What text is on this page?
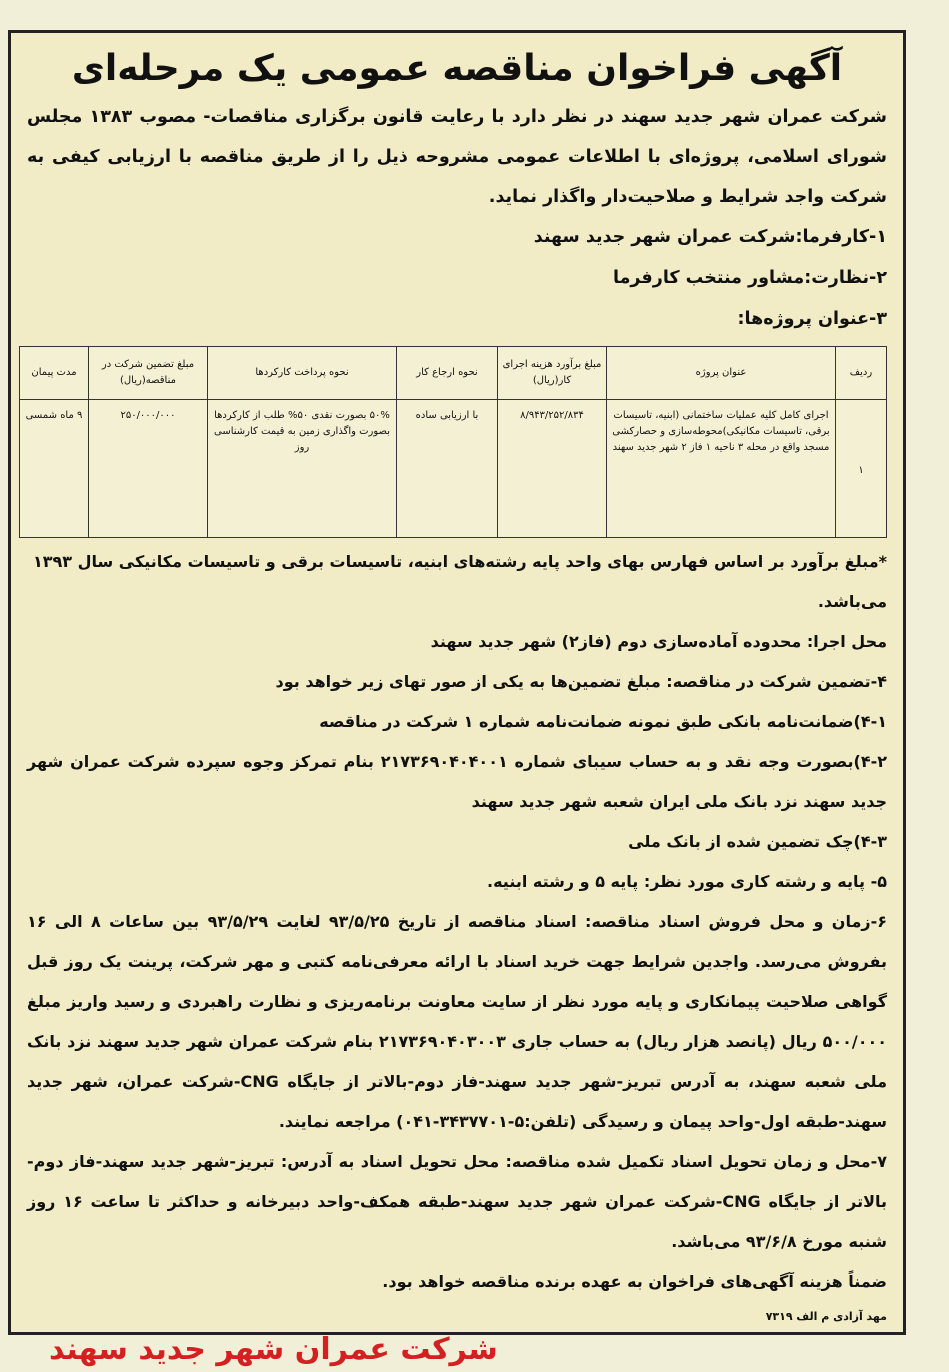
آگهی فراخوان مناقصه عمومی یک مرحله‌ای

شرکت عمران شهر جدید سهند در نظر دارد با رعایت قانون برگزاری مناقصات- مصوب ۱۳۸۳ مجلس شورای اسلامی، پروژه‌ای با اطلاعات عمومی مشروحه ذیل را از طریق مناقصه با ارزیابی کیفی به شرکت واجد شرایط و صلاحیت‌دار واگذار نماید.

۱-کارفرما:شرکت عمران شهر جدید سهند

۲-نظارت:مشاور منتخب کارفرما

۳-عنوان پروژه‌ها:

ردیف	عنوان پروژه	مبلغ برآورد هزینه اجرای کار(ریال)	نحوه ارجاع کار	نحوه پرداخت کارکردها	مبلغ تضمین شرکت در مناقصه(ریال)	مدت پیمان
۱	اجرای کامل کلیه عملیات ساختمانی (ابنیه، تاسیسات برقی، تاسیسات مکانیکی)محوطه‌سازی و حصارکشی مسجد واقع در محله ۳ ناحیه ۱ فاز ۲ شهر جدید سهند	۸/۹۴۳/۲۵۲/۸۳۴	با ارزیابی ساده	۵۰% بصورت نقدی ۵۰% طلب از کارکردها بصورت واگذاری زمین به قیمت کارشناسی روز	۲۵۰/۰۰۰/۰۰۰	۹ ماه شمسی

*مبلغ برآورد بر اساس فهارس بهای واحد پایه رشته‌های ابنیه، تاسیسات برقی و تاسیسات مکانیکی سال ۱۳۹۳ می‌باشد.

محل اجرا: محدوده آماده‌سازی دوم (فاز۲) شهر جدید سهند

۴-تضمین شرکت در مناقصه: مبلغ تضمین‌ها به یکی از صور تهای زیر خواهد بود

۴-۱)ضمانت‌نامه بانکی طبق نمونه ضمانت‌نامه شماره ۱ شرکت در مناقصه

۴-۲)بصورت وجه نقد و به حساب سیبای شماره ۲۱۷۳۶۹۰۴۰۴۰۰۱ بنام تمرکز وجوه سپرده شرکت عمران شهر جدید سهند نزد بانک ملی ایران شعبه شهر جدید سهند

۴-۳)چک تضمین شده از بانک ملی

۵- پایه و رشته کاری مورد نظر: پایه ۵ و رشته ابنیه.

۶-زمان و محل فروش اسناد مناقصه: اسناد مناقصه از تاریخ ۹۳/۵/۲۵ لغایت ۹۳/۵/۲۹ بین ساعات ۸ الی ۱۶ بفروش می‌رسد. واجدین شرایط جهت خرید اسناد با ارائه معرفی‌نامه کتبی و مهر شرکت، پرینت یک روز قبل گواهی صلاحیت پیمانکاری و پایه مورد نظر از سایت معاونت برنامه‌ریزی و نظارت راهبردی و رسید واریز مبلغ ۵۰۰/۰۰۰ ریال (پانصد هزار ریال) به حساب جاری ۲۱۷۳۶۹۰۴۰۳۰۰۳ بنام شرکت عمران شهر جدید سهند نزد بانک ملی شعبه سهند، به آدرس تبریز-شهر جدید سهند-فاز دوم-بالاتر از جایگاه CNG-شرکت عمران، شهر جدید سهند-طبقه اول-واحد پیمان و رسیدگی (تلفن:۵-۳۴۳۷۷۰۱-۰۴۱) مراجعه نمایند.

۷-محل و زمان تحویل اسناد تکمیل شده مناقصه: محل تحویل اسناد به آدرس: تبریز-شهر جدید سهند-فاز دوم-بالاتر از جایگاه CNG-شرکت عمران شهر جدید سهند-طبقه همکف-واحد دبیرخانه و حداکثر تا ساعت ۱۶ روز شنبه مورخ ۹۳/۶/۸ می‌باشد.

ضمناً هزینه آگهی‌های فراخوان به عهده برنده مناقصه خواهد بود.

مهد آزادی م الف ۷۳۱۹

شرکت عمران شهر جدید سهند
